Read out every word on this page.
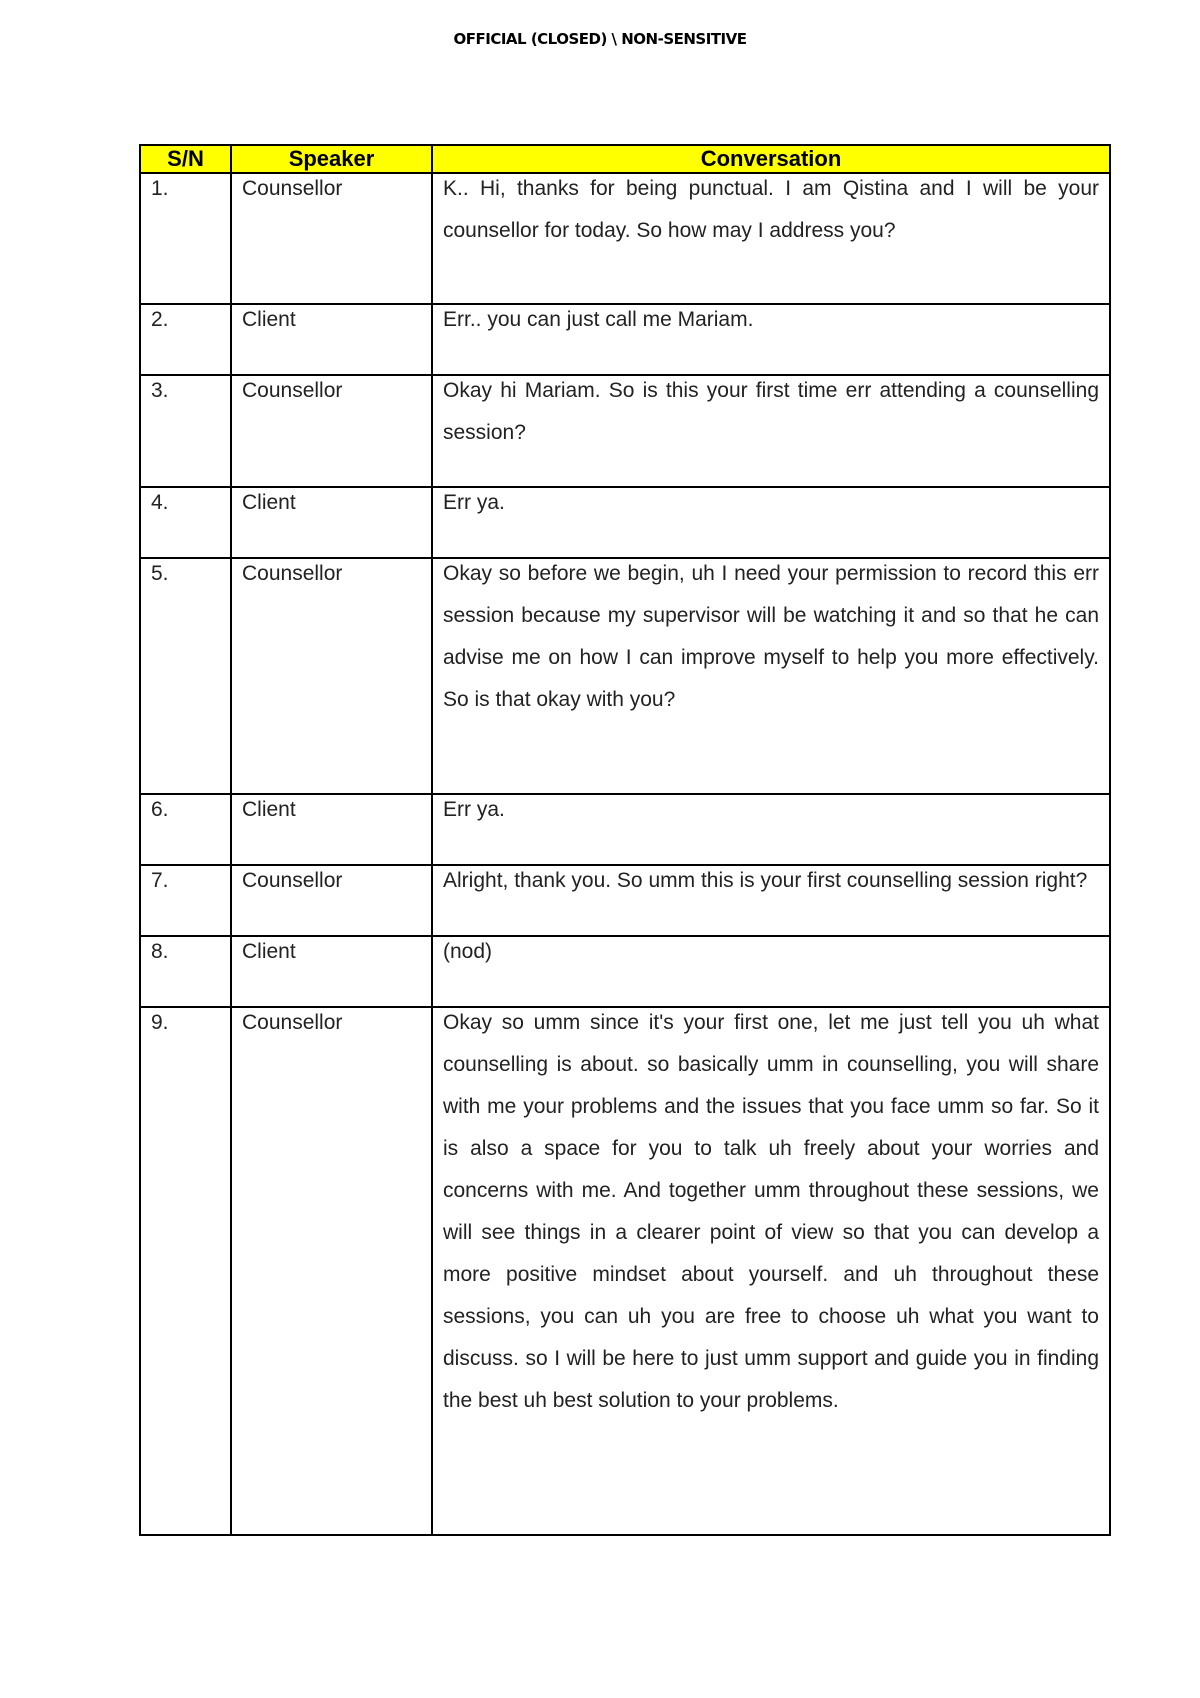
OFFICIAL (CLOSED) \ NON-SENSITIVE
S/N	Speaker	Conversation

1.	Counsellor	K.. Hi, thanks for being punctual. I am Qistina and I will be your counsellor for today. So how may I address you?

2.	Client	Err.. you can just call me Mariam.

3.	Counsellor	Okay hi Mariam. So is this your first time err attending a counselling session?

4.	Client	Err ya.

5.	Counsellor	Okay so before we begin, uh I need your permission to record this err session because my supervisor will be watching it and so that he can advise me on how I can improve myself to help you more effectively. So is that okay with you?

6.	Client	Err ya.

7.	Counsellor	Alright, thank you. So umm this is your first counselling session right?

8.	Client	(nod)

9.	Counsellor	Okay so umm since it's your first one, let me just tell you uh what counselling is about. so basically umm in counselling, you will share with me your problems and the issues that you face umm so far. So it is also a space for you to talk uh freely about your worries and concerns with me. And together umm throughout these sessions, we will see things in a clearer point of view so that you can develop a more positive mindset about yourself. and uh throughout these sessions, you can uh you are free to choose uh what you want to discuss. so I will be here to just umm support and guide you in finding the best uh best solution to your problems.
